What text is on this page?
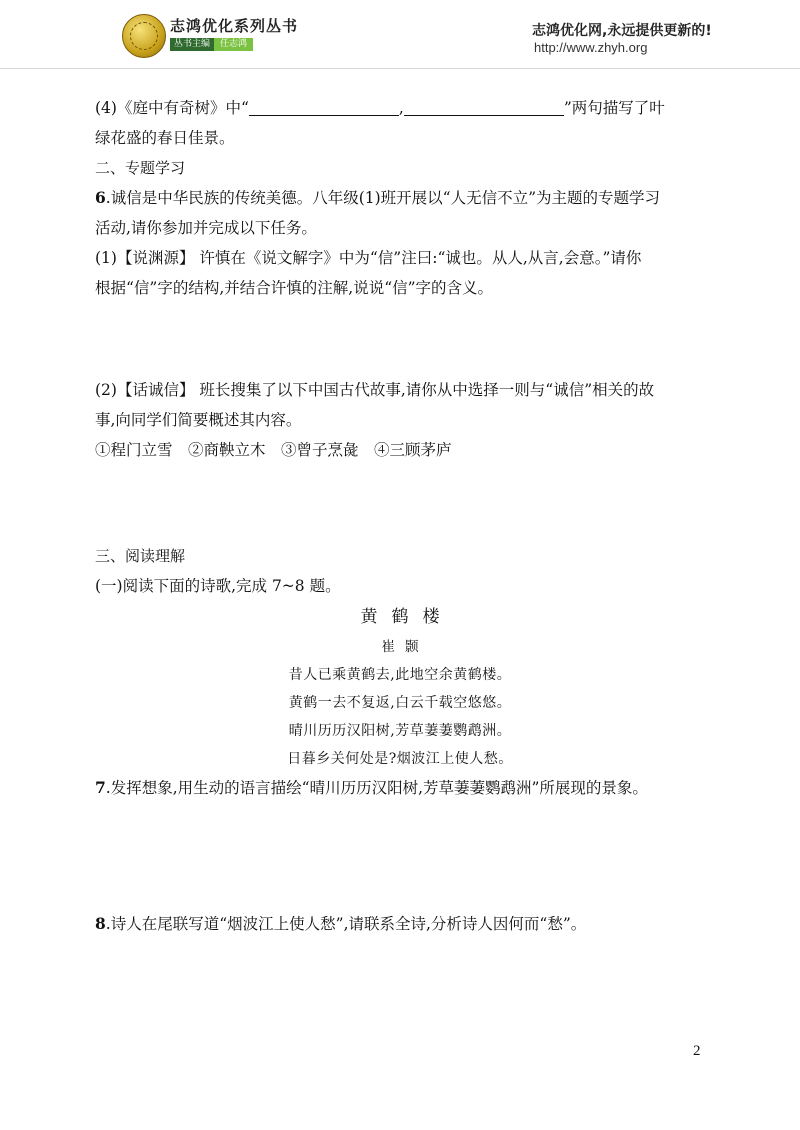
志鸿优化系列丛书
丛书主编	任志鸿
志鸿优化网,永远提供更新的!
http://www.zhyh.org

(4)《庭中有奇树》中“	,	”两句描写了叶

绿花盛的春日佳景。

二、专题学习

6.诚信是中华民族的传统美德。八年级(1)班开展以“人无信不立”为主题的专题学习

活动,请你参加并完成以下任务。

(1)【说渊源】 许慎在《说文解字》中为“信”注曰:“诚也。从人,从言,会意。”请你

根据“信”字的结构,并结合许慎的注解,说说“信”字的含义。

(2)【话诚信】 班长搜集了以下中国古代故事,请你从中选择一则与“诚信”相关的故

事,向同学们简要概述其内容。

①程门立雪　②商鞅立木　③曾子烹彘　④三顾茅庐

三、阅读理解

(一)阅读下面的诗歌,完成 7~8 题。

黄鹤楼

崔颢

昔人已乘黄鹤去,此地空余黄鹤楼。

黄鹤一去不复返,白云千载空悠悠。

晴川历历汉阳树,芳草萋萋鹦鹉洲。

日暮乡关何处是?烟波江上使人愁。

7.发挥想象,用生动的语言描绘“晴川历历汉阳树,芳草萋萋鹦鹉洲”所展现的景象。

8.诗人在尾联写道“烟波江上使人愁”,请联系全诗,分析诗人因何而“愁”。

2
